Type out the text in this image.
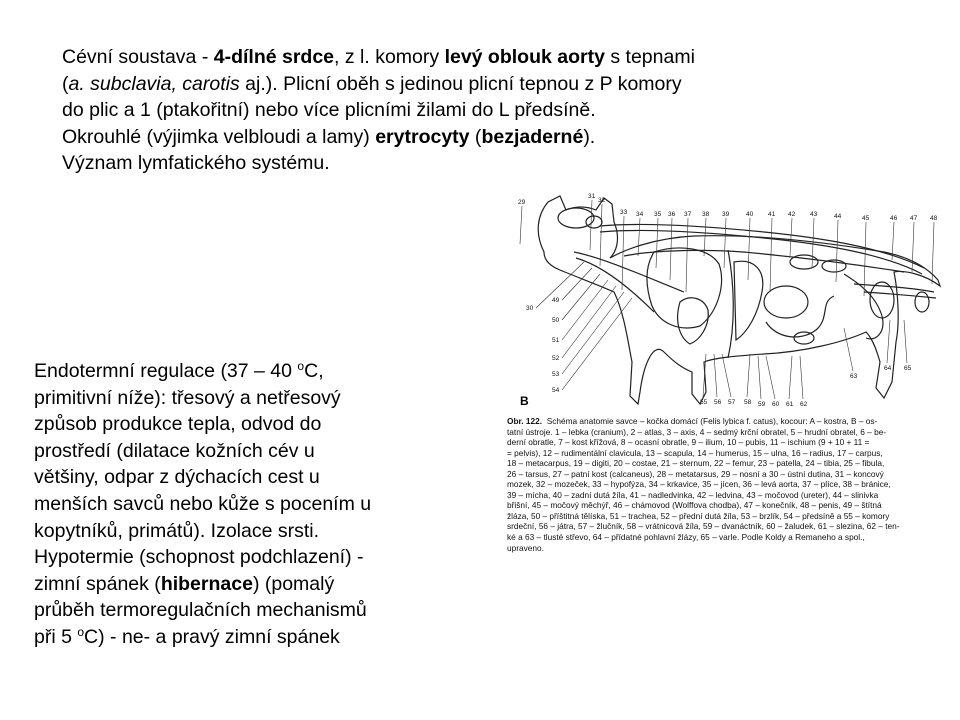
Cévní soustava - 4-dílné srdce, z l. komory levý oblouk aorty s tepnami

(a. subclavia, carotis aj.). Plicní oběh s jedinou plicní tepnou z P komory

do plic a 1 (ptakořitní) nebo více plicními žilami do L předsíně.

Okrouhlé (výjimka velbloudi a lamy) erytrocyty (bezjaderné).

Význam lymfatického systému.

Endotermní regulace (37 – 40 $^o$C,

primitivní níže): třesový a netřesový

způsob produkce tepla, odvod do

prostředí (dilatace kožních cév u

většiny, odpar z dýchacích cest u

menších savců nebo kůže s pocením u

kopytníků, primátů). Izolace srsti.

Hypotermie (schopnost podchlazení) -

zimní spánek (hibernace) (pomalý

průběh termoregulačních mechanismů

při 5 $^o$C) - ne- a pravý zimní spánek

29
31
32
33 34 35 36 37 38 39	40 41 42 43	44	45	46 47 48
30
49
50
51
52
53
54
55 56 57 58 59 60 61 62
63
64 65
B

Obr. 122. Schéma anatomie savce – kočka domácí (Felis lybica f. catus), kocour: A – kostra, B – os-

tatní ústroje. 1 – lebka (cranium), 2 – atlas, 3 – axis, 4 – sedmý krční obratel, 5 – hrudní obratel, 6 – be-

derní obratle, 7 – kost křížová, 8 – ocasní obratle, 9 – ilium, 10 – pubis, 11 – ischium (9 + 10 + 11 =

= pelvis), 12 – rudimentální clavicula, 13 – scapula, 14 – humerus, 15 – ulna, 16 – radius, 17 – carpus,

18 – metacarpus, 19 – digiti, 20 – costae, 21 – sternum, 22 – femur, 23 – patella, 24 – tibia, 25 – fibula,

26 – tarsus, 27 – patní kost (calcaneus), 28 – metatarsus, 29 – nosní a 30 – ústní dutina, 31 – koncový

mozek, 32 – mozeček, 33 – hypofýza, 34 – krkavice, 35 – jícen, 36 – levá aorta, 37 – plíce, 38 – bránice,

39 – mícha, 40 – zadní dutá žíla, 41 – nadledvinka, 42 – ledvina, 43 – močovod (ureter), 44 – slinivka

břišní, 45 – močový měchýř, 46 – chámovod (Wolffova chodba), 47 – konečník, 48 – penis, 49 – štítná

žláza, 50 – příštitná tělíska, 51 – trachea, 52 – přední dutá žíla, 53 – brzlík, 54 – předsíně a 55 – komory

srdeční, 56 – játra, 57 – žlučník, 58 – vrátnicová žíla, 59 – dvanáctník, 60 – žaludek, 61 – slezina, 62 – ten-

ké a 63 – tlusté střevo, 64 – přídatné pohlavní žlázy, 65 – varle. Podle Koldy a Remaneho a spol.,

upraveno.
